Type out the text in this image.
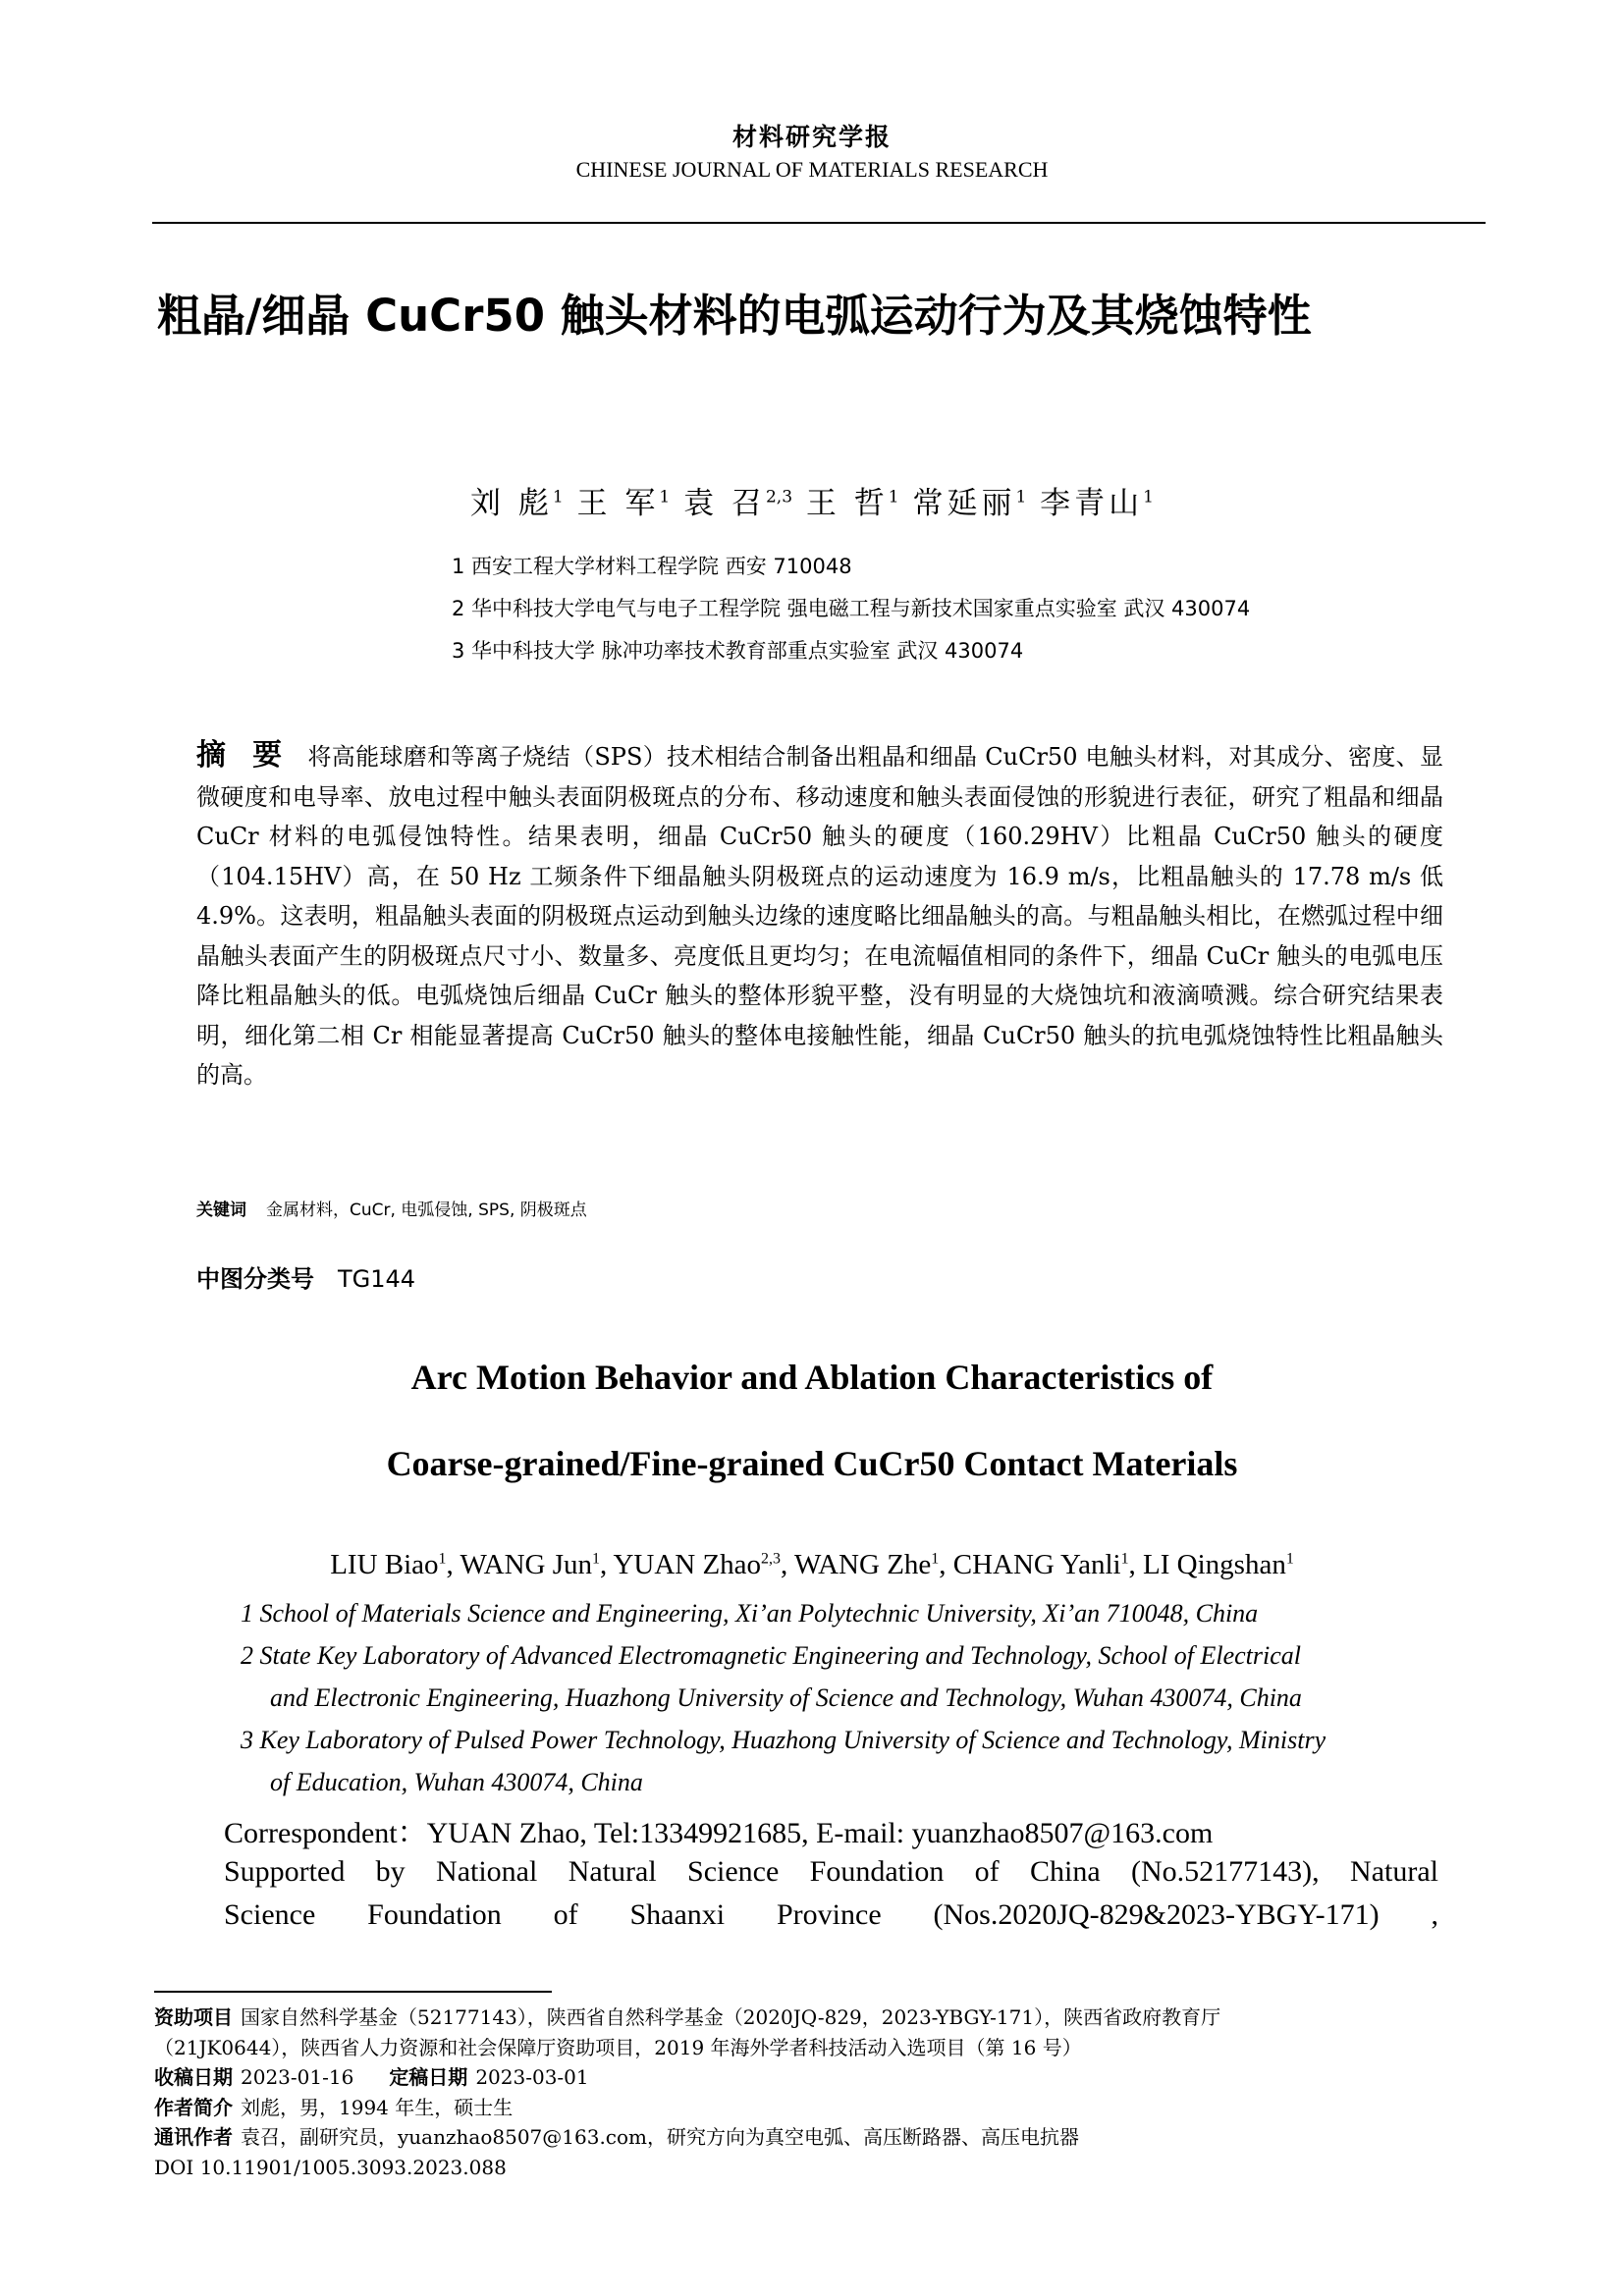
材料研究学报
CHINESE JOURNAL OF MATERIALS RESEARCH
粗晶/细晶 CuCr50 触头材料的电弧运动行为及其烧蚀特性
刘 彪$^1$ 王 军$^1$ 袁 召$^{2,3}$ 王 哲$^1$ 常延丽$^1$ 李青山$^1$
1 西安工程大学材料工程学院 西安 710048
2 华中科技大学电气与电子工程学院 强电磁工程与新技术国家重点实验室 武汉 430074
3 华中科技大学 脉冲功率技术教育部重点实验室 武汉 430074
摘 要 将高能球磨和等离子烧结（SPS）技术相结合制备出粗晶和细晶 CuCr50 电触头材料，对其成分、密度、显微硬度和电导率、放电过程中触头表面阴极斑点的分布、移动速度和触头表面侵蚀的形貌进行表征，研究了粗晶和细晶 CuCr 材料的电弧侵蚀特性。结果表明，细晶 CuCr50 触头的硬度（160.29HV）比粗晶 CuCr50 触头的硬度（104.15HV）高，在 50 Hz 工频条件下细晶触头阴极斑点的运动速度为 16.9 m/s，比粗晶触头的 17.78 m/s 低 4.9%。这表明，粗晶触头表面的阴极斑点运动到触头边缘的速度略比细晶触头的高。与粗晶触头相比，在燃弧过程中细晶触头表面产生的阴极斑点尺寸小、数量多、亮度低且更均匀；在电流幅值相同的条件下，细晶 CuCr 触头的电弧电压降比粗晶触头的低。电弧烧蚀后细晶 CuCr 触头的整体形貌平整，没有明显的大烧蚀坑和液滴喷溅。综合研究结果表明，细化第二相 Cr 相能显著提高 CuCr50 触头的整体电接触性能，细晶 CuCr50 触头的抗电弧烧蚀特性比粗晶触头的高。
关键词 金属材料，CuCr, 电弧侵蚀, SPS, 阴极斑点
中图分类号 TG144
Arc Motion Behavior and Ablation Characteristics of
Coarse-grained/Fine-grained CuCr50 Contact Materials
LIU Biao$^1$, WANG Jun$^1$, YUAN Zhao$^{2,3}$, WANG Zhe$^1$, CHANG Yanli$^1$, LI Qingshan$^1$
1 School of Materials Science and Engineering, Xi’an Polytechnic University, Xi’an 710048, China
2 State Key Laboratory of Advanced Electromagnetic Engineering and Technology, School of Electrical
and Electronic Engineering, Huazhong University of Science and Technology, Wuhan 430074, China
3 Key Laboratory of Pulsed Power Technology, Huazhong University of Science and Technology, Ministry
of Education, Wuhan 430074, China
Correspondent：YUAN Zhao, Tel:13349921685, E-mail: yuanzhao8507@163.com
Supported by National Natural Science Foundation of China (No.52177143), Natural
Science Foundation of Shaanxi Province (Nos.2020JQ-829&2023-YBGY-171) ,
资助项目 国家自然科学基金（52177143），陕西省自然科学基金（2020JQ-829，2023-YBGY-171），陕西省政府教育厅
（21JK0644），陕西省人力资源和社会保障厅资助项目，2019 年海外学者科技活动入选项目（第 16 号）
收稿日期 2023-01-16 定稿日期 2023-03-01
作者简介 刘彪，男，1994 年生，硕士生
通讯作者 袁召，副研究员，yuanzhao8507@163.com，研究方向为真空电弧、高压断路器、高压电抗器
DOI 10.11901/1005.3093.2023.088
